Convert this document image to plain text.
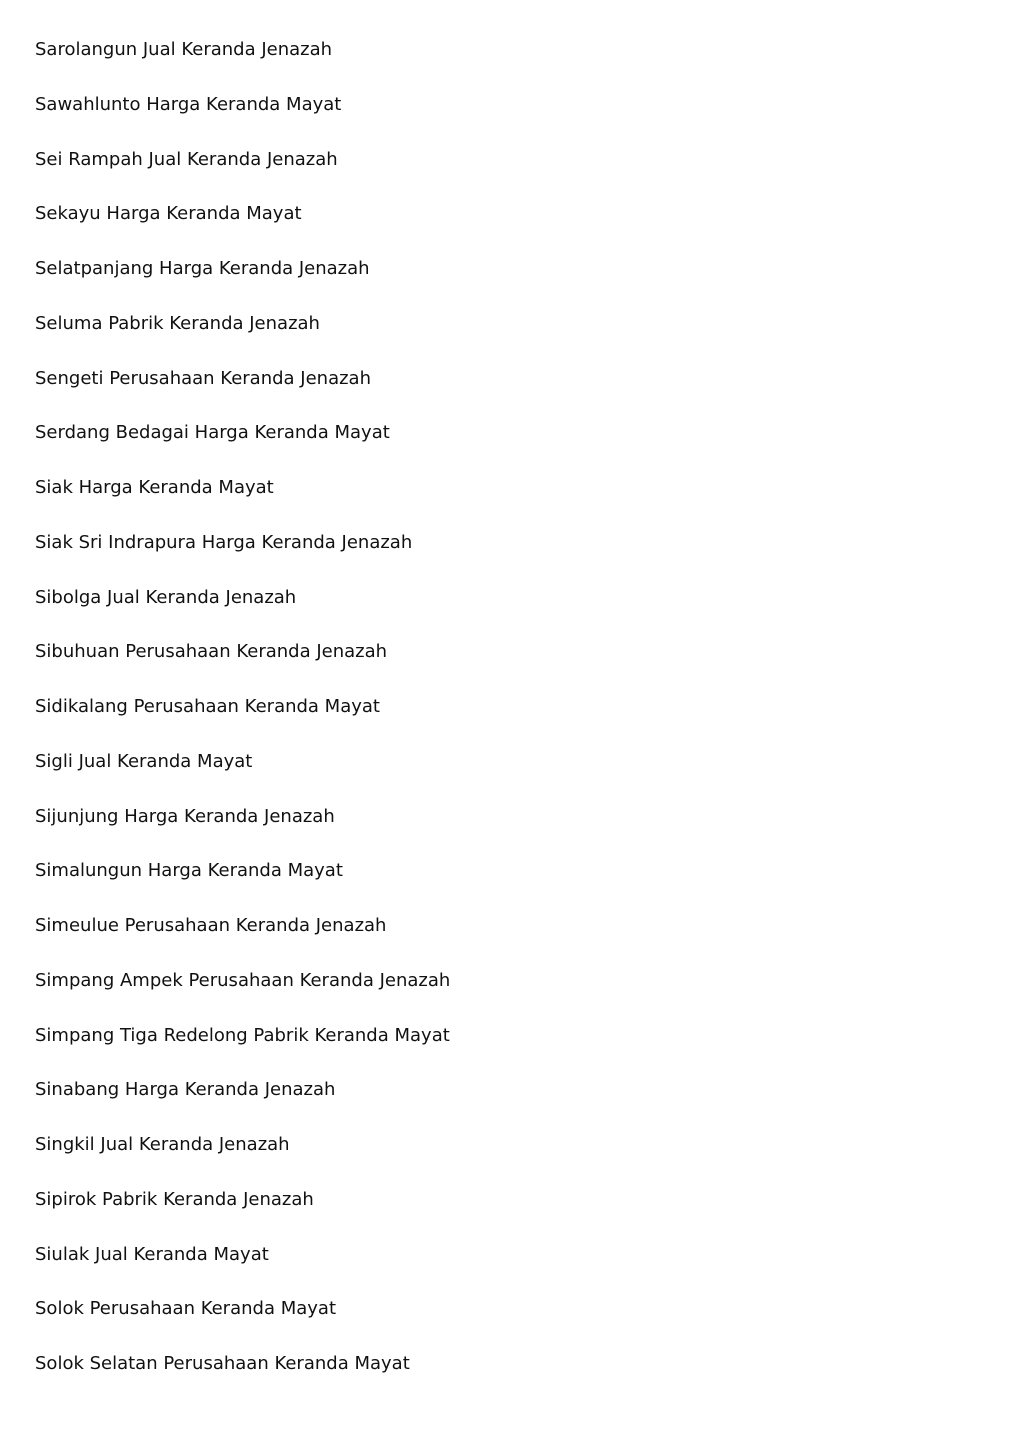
Sarolangun Jual Keranda Jenazah
Sawahlunto Harga Keranda Mayat
Sei Rampah Jual Keranda Jenazah
Sekayu Harga Keranda Mayat
Selatpanjang Harga Keranda Jenazah
Seluma Pabrik Keranda Jenazah
Sengeti Perusahaan Keranda Jenazah
Serdang Bedagai Harga Keranda Mayat
Siak Harga Keranda Mayat
Siak Sri Indrapura Harga Keranda Jenazah
Sibolga Jual Keranda Jenazah
Sibuhuan Perusahaan Keranda Jenazah
Sidikalang Perusahaan Keranda Mayat
Sigli Jual Keranda Mayat
Sijunjung Harga Keranda Jenazah
Simalungun Harga Keranda Mayat
Simeulue Perusahaan Keranda Jenazah
Simpang Ampek Perusahaan Keranda Jenazah
Simpang Tiga Redelong Pabrik Keranda Mayat
Sinabang Harga Keranda Jenazah
Singkil Jual Keranda Jenazah
Sipirok Pabrik Keranda Jenazah
Siulak Jual Keranda Mayat
Solok Perusahaan Keranda Mayat
Solok Selatan Perusahaan Keranda Mayat
